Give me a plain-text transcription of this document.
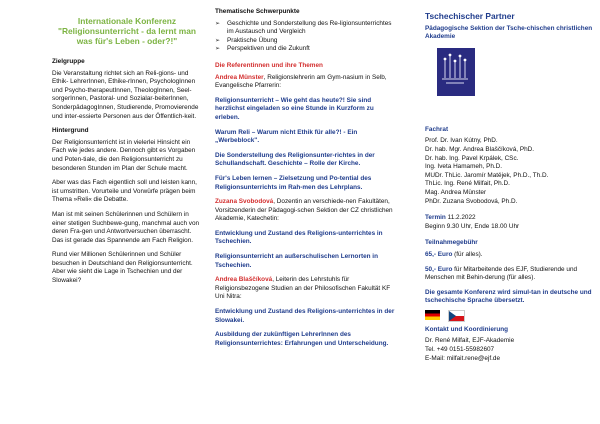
Internationale Konferenz "Religionsunterricht - da lernt man was für's Leben - oder?!"
Zielgruppe

Die Veranstaltung richtet sich an Reli-gions- und Ethik- LehrerInnen, Ethike-rInnen, PsychologInnen und Psycho-therapeutInnen, TheologInnen, Seel-sorgerInnen, Pastoral- und Sozialar-beiterInnen, SonderpädagogInnen, Studierende, Promovierende und inter-essierte Personen aus der Öffentlich-keit.

Hintergrund

Der Religionsunterricht ist in vielerlei Hinsicht ein Fach wie jedes andere. Dennoch gibt es Vorgaben und Poten-tiale, die den Religionsunterricht zu besonderen Stunden im Plan der Schule macht.

Aber was das Fach eigentlich soll und leisten kann, ist umstritten. Vorurteile und Vorwürfe prägen beim Thema »Reli« die Debatte.

Man ist mit seinen Schülerinnen und Schülern in einer stetigen Suchbewe-gung, manchmal auch von deren Fra-gen und Antwortversuchen überrascht. Das ist gerade das Spannende am Fach Religion.

Rund vier Millionen Schülerinnen und Schüler besuchen in Deutschland den Religionsunterricht. Aber wie sieht die Lage in Tschechien und der Slowakei?

Thematische Schwerpunkte
➢ Geschichte und Sonderstellung des Re-ligionsunterrichtes im Austausch und Vergleich
➢ Praktische Übung
➢ Perspektiven und die Zukunft
Die Referentinnen und ihre Themen

Andrea Münster, Religionslehrerin am Gym-nasium in Selb, Evangelische Pfarrerin:

Religionsunterricht – Wie geht das heute?! Sie sind herzlichst eingeladen so eine Stunde in Kurzform zu erleben.

Warum Reli – Warum nicht Ethik für alle?! - Ein „Werbeblock".

Die Sonderstellung des Religionsunter-richtes in der Schullandschaft. Geschichte – Rolle der Kirche.

Für's Leben lernen – Zielsetzung und Po-tential des Religionsunterrichts im Rah-men des Lehrplans.

Zuzana Svobodová, Dozentin an verschiede-nen Fakultäten, Vorsitzenderin der Pädagogi-schen Sektion der CZ christlichen Akademie, Katechetin:

Entwicklung und Zustand des Religions-unterrichtes in Tschechien.

Religionsunterricht an außerschulischen Lernorten in Tschechien.

Andrea Blaščíková, Leiterin des Lehrstuhls für Religionsbezogene Studien an der Philosofischen Fakultät KF Uni Nitra:

Entwicklung und Zustand des Religions-unterrichtes in der Slowakei.

Ausbildung der zukünftigen LehrerInnen des Religionsunterrichtes: Erfahrungen und Unterscheidung.

Tschechischer Partner
Pädagogische Sektion der Tsche-chischen christlichen Akademie
Fachrat
Prof. Dr. Ivan Kútny, PhD.
Dr. hab. Mgr. Andrea Blaščíková, PhD.
Dr. hab. Ing. Pavel Krpálek, CSc.
Ing. Iveta Hamameh, Ph.D.
MUDr. ThLic. Jaromír Matějek, Ph.D., Th.D.
ThLic. Ing. René Milfait, Ph.D.
Mag. Andrea Münster
PhDr. Zuzana Svobodová, Ph.D.
Termin 11.2.2022
Beginn 9.30 Uhr, Ende 18.00 Uhr
Teilnahmegebühr

65,- Euro (für alles).

50,- Euro für Mitarbeitende des EJF, Studierende und Menschen mit Behin-derung (für alles).

Die gesamte Konferenz wird simul-tan in deutsche und tschechische Sprache übersetzt.
Kontakt und Koordinierung
Dr. René Milfait, EJF-Akademie
Tel. +49 0151-55982607
E-Mail: milfait.rene@ejf.de
